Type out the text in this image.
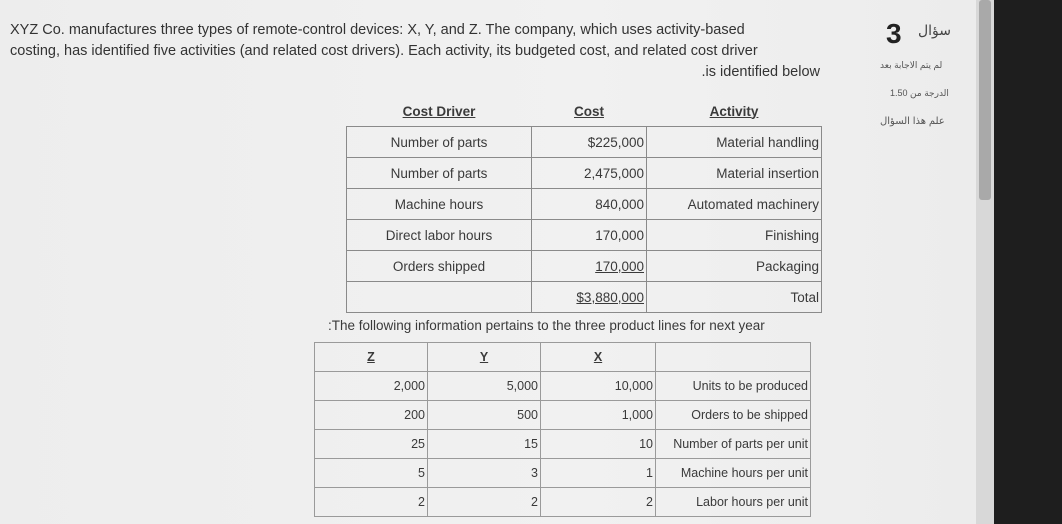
XYZ Co. manufactures three types of remote-control devices: X, Y, and Z. The company, which uses activity-based

costing, has identified five activities (and related cost drivers). Each activity, its budgeted cost, and related cost driver

.is identified below

Cost Driver	Cost	Activity
Number of parts	$225,000	Material handling
Number of parts	2,475,000	Material insertion
Machine hours	840,000	Automated machinery
Direct labor hours	170,000	Finishing
Orders shipped	170,000	Packaging
	$3,880,000	Total
:The following information pertains to the three product lines for next year
Z	Y	X	
2,000	5,000	10,000	Units to be produced
200	500	1,000	Orders to be shipped
25	15	10	Number of parts per unit
5	3	1	Machine hours per unit
2	2	2	Labor hours per unit
3 سؤال
لم يتم الاجابة بعد
1.50 الدرجة من
علم هذا السؤال
